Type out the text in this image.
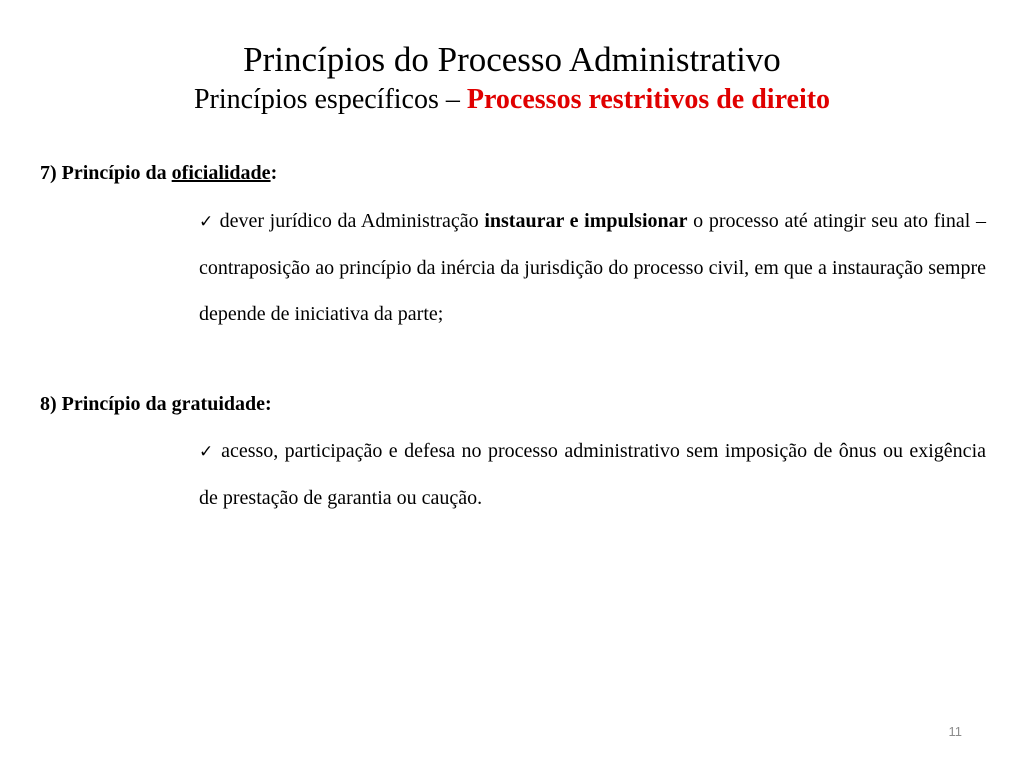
Princípios do Processo Administrativo
Princípios específicos – Processos restritivos de direito

7) Princípio da oficialidade:

✓ dever jurídico da Administração instaurar e impulsionar o processo até atingir seu ato final – contraposição ao princípio da inércia da jurisdição do processo civil, em que a instauração sempre depende de iniciativa da parte;

8) Princípio da gratuidade:

✓ acesso, participação e defesa no processo administrativo sem imposição de ônus ou exigência de prestação de garantia ou caução.

11
